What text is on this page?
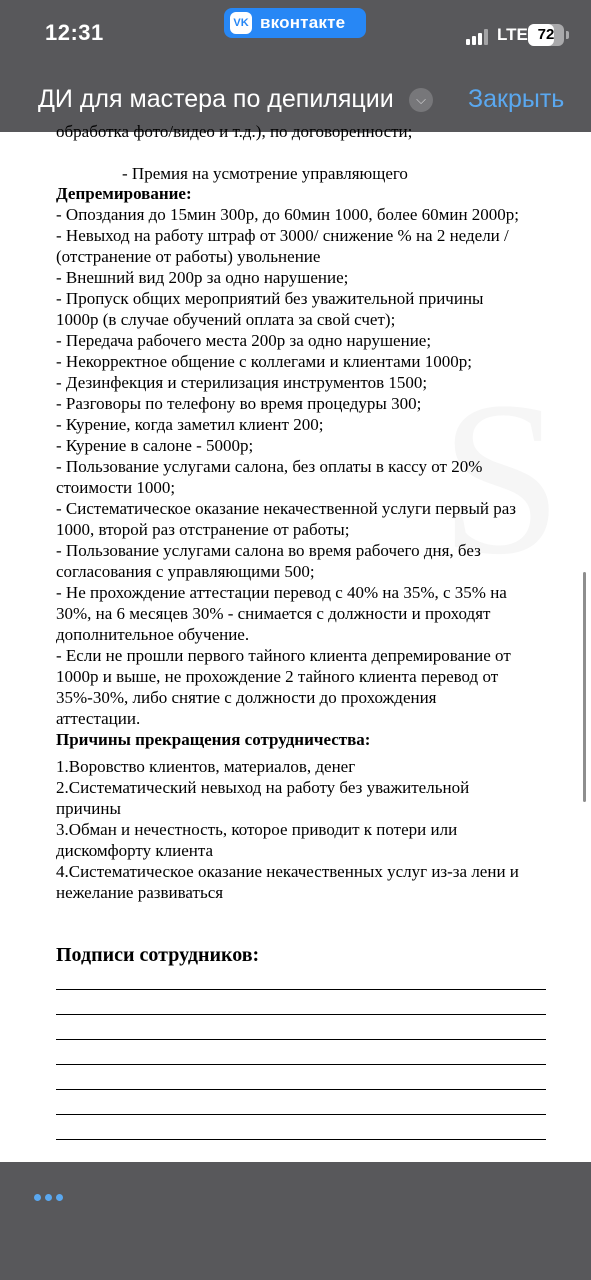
12:31	VK вконтакте
LTE 72
ДИ для мастера по депиляции	Закрыть
⌵
S
обработка фото/видео и т.д.), по договоренности;
- Премия на усмотрение управляющего
Депремирование:
- Опоздания до 15мин 300р, до 60мин 1000, более 60мин 2000р;
- Невыход на работу штраф от 3000/ снижение % на 2 недели /
(отстранение от работы) увольнение
- Внешний вид 200р за одно нарушение;
- Пропуск общих мероприятий без уважительной причины
1000р (в случае обучений оплата за свой счет);
- Передача рабочего места 200р за одно нарушение;
- Некорректное общение с коллегами и клиентами 1000р;
- Дезинфекция и стерилизация инструментов 1500;
- Разговоры по телефону во время процедуры 300;
- Курение, когда заметил клиент 200;
- Курение в салоне - 5000р;
- Пользование услугами салона, без оплаты в кассу от 20%
стоимости 1000;
- Систематическое оказание некачественной услуги первый раз
1000, второй раз отстранение от работы;
- Пользование услугами салона во время рабочего дня, без
согласования с управляющими 500;
- Не прохождение аттестации перевод с 40% на 35%, с 35% на
30%, на 6 месяцев 30% - снимается с должности и проходят
дополнительное обучение.
- Если не прошли первого тайного клиента депремирование от
1000р и выше, не прохождение 2 тайного клиента перевод от
35%-30%, либо снятие с должности до прохождения
аттестации.
Причины прекращения сотрудничества:
1.Воровство клиентов, материалов, денег
2.Систематический невыход на работу без уважительной
причины
3.Обман и нечестность, которое приводит к потери или
дискомфорту клиента
4.Систематическое оказание некачественных услуг из-за лени и
нежелание развиваться
Подписи сотрудников:
